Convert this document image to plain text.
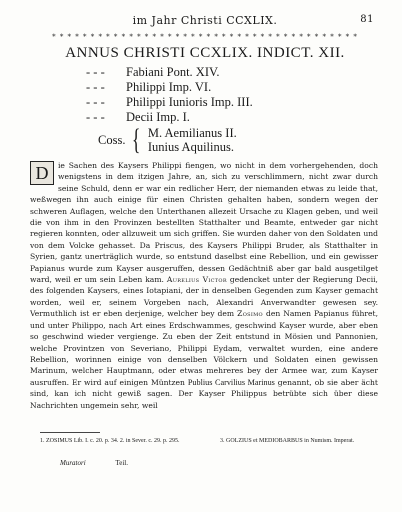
im Jahr Christi CCXLIX.	81
* * * * * * * * * * * * * * * * * * * * * * * * * * * * * * * * * * * * * * * *
ANNUS CHRISTI CCXLIX. INDICT. XII.
- - -	Fabiani Pont. XIV.
- - -	Philippi Imp. VI.
- - -	Philippi Iunioris Imp. III.
- - -	Decii Imp. I.
Coss. { M. Aemilianus II.
Iunius Aquilinus.
D	ie Sachen des Kaysers Philippi fiengen, wo nicht in dem vorhergehenden, doch wenigstens in dem itzigen Jahre, an, sich zu verschlimmern, nicht zwar durch seine Schuld, denn er war ein redlicher Herr, der niemanden etwas zu leide that, weßwegen ihn auch einige für einen Christen gehalten haben, sondern wegen der schweren Auflagen, welche den Unterthanen allezeit Ursache zu Klagen geben, und weil die von ihm in den Provinzen bestellten Statthalter und Beamte, entweder gar nicht regieren konnten, oder allzuweit um sich griffen. Sie wurden daher von den Soldaten und von dem Volcke gehasset. Da Priscus, des Kaysers Philippi Bruder, als Statthalter in Syrien, gantz unerträglich wurde, so entstund daselbst eine Rebellion, und ein gewisser Papianus wurde zum Kayser ausgeruffen, dessen Gedächtniß aber gar bald ausgetilget ward, weil er um sein Leben kam. Aurelius Victor gedencket unter der Regierung Decii, des folgenden Kaysers, eines Iotapiani, der in denselben Gegenden zum Kayser gemacht worden, weil er, seinem Vorgeben nach, Alexandri Anverwandter gewesen sey. Vermuthlich ist er eben derjenige, welcher bey dem Zosimo den Namen Papianus führet, und unter Philippo, nach Art eines Erdschwammes, geschwind Kayser wurde, aber eben so geschwind wieder vergienge. Zu eben der Zeit entstund in Mösien und Pannonien, welche Provintzen von Severiano, Philippi Eydam, verwaltet wurden, eine andere Rebellion, worinnen einige von denselben Völckern und Soldaten einen gewissen Marinum, welcher Hauptmann, oder etwas mehreres bey der Armee war, zum Kayser ausruffen. Er wird auf einigen Müntzen Publius Carvilius Marinus genannt, ob sie aber ächt sind, kan ich nicht gewiß sagen. Der Kayser Philippus betrübte sich über diese Nachrichten ungemein sehr, weil
1. ZOSIMUS Lib. I. c. 20. p. 34. 2. in Sever. c. 29. p. 295.	3. GOLZIUS et MEDIOBARBUS in Numism. Imperat.
Muratori	Teil.
